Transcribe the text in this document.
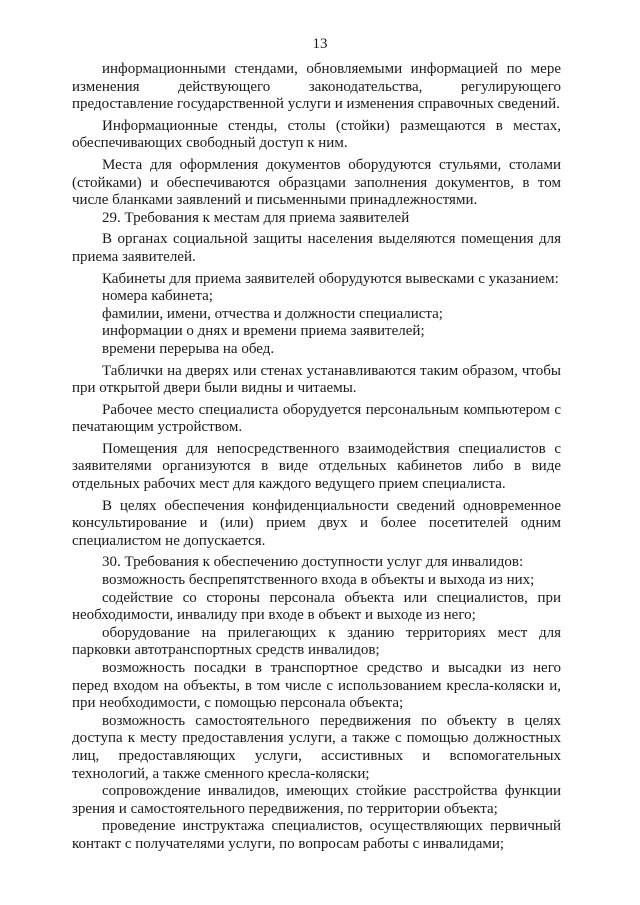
13

информационными стендами, обновляемыми информацией по мере изменения действующего законодательства, регулирующего предоставление государственной услуги и изменения справочных сведений.

Информационные стенды, столы (стойки) размещаются в местах, обеспечивающих свободный доступ к ним.

Места для оформления документов оборудуются стульями, столами (стойками) и обеспечиваются образцами заполнения документов, в том числе бланками заявлений и письменными принадлежностями.

29. Требования к местам для приема заявителей

В органах социальной защиты населения выделяются помещения для приема заявителей.

Кабинеты для приема заявителей оборудуются вывесками с указанием:

номера кабинета;

фамилии, имени, отчества и должности специалиста;

информации о днях и времени приема заявителей;

времени перерыва на обед.

Таблички на дверях или стенах устанавливаются таким образом, чтобы при открытой двери были видны и читаемы.

Рабочее место специалиста оборудуется персональным компьютером с печатающим устройством.

Помещения для непосредственного взаимодействия специалистов с заявителями организуются в виде отдельных кабинетов либо в виде отдельных рабочих мест для каждого ведущего прием специалиста.

В целях обеспечения конфиденциальности сведений одновременное консультирование и (или) прием двух и более посетителей одним специалистом не допускается.

30. Требования к обеспечению доступности услуг для инвалидов:

возможность беспрепятственного входа в объекты и выхода из них;

содействие со стороны персонала объекта или специалистов, при необходимости, инвалиду при входе в объект и выходе из него;

оборудование на прилегающих к зданию территориях мест для парковки автотранспортных средств инвалидов;

возможность посадки в транспортное средство и высадки из него перед входом на объекты, в том числе с использованием кресла-коляски и, при необходимости, с помощью персонала объекта;

возможность самостоятельного передвижения по объекту в целях доступа к месту предоставления услуги, а также с помощью должностных лиц, предоставляющих услуги, ассистивных и вспомогательных технологий, а также сменного кресла-коляски;

сопровождение инвалидов, имеющих стойкие расстройства функции зрения и самостоятельного передвижения, по территории объекта;

проведение инструктажа специалистов, осуществляющих первичный контакт с получателями услуги, по вопросам работы с инвалидами;
